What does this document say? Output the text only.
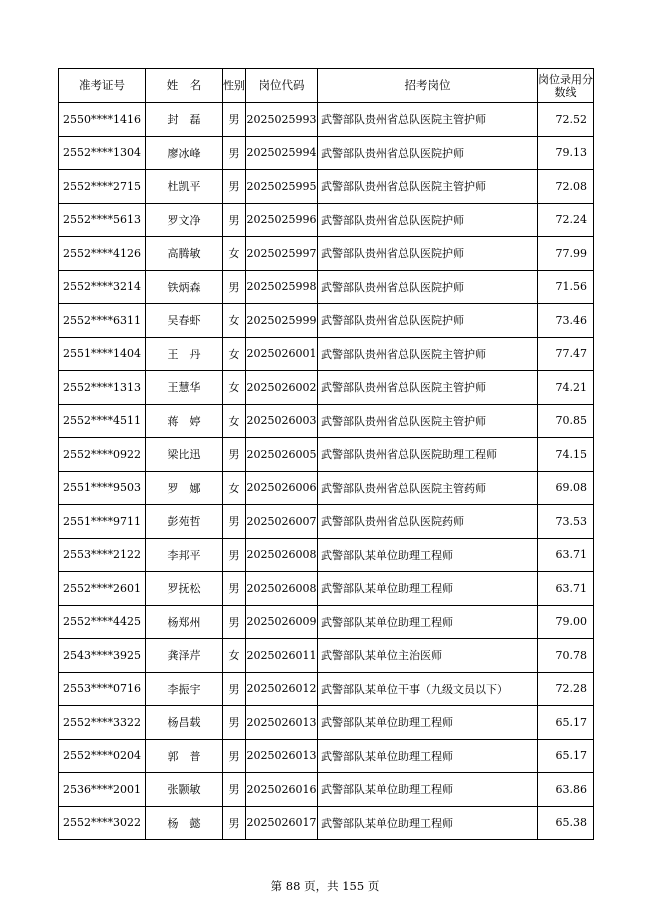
准考证号	姓　名	性别	岗位代码	招考岗位	岗位录用分数线
2550****1416	封　磊	男	2025025993	武警部队贵州省总队医院主管护师	72.52
2552****1304	廖冰峰	男	2025025994	武警部队贵州省总队医院护师	79.13
2552****2715	杜凯平	男	2025025995	武警部队贵州省总队医院主管护师	72.08
2552****5613	罗文净	男	2025025996	武警部队贵州省总队医院护师	72.24
2552****4126	高腾敏	女	2025025997	武警部队贵州省总队医院护师	77.99
2552****3214	铁炳森	男	2025025998	武警部队贵州省总队医院护师	71.56
2552****6311	吴春虾	女	2025025999	武警部队贵州省总队医院护师	73.46
2551****1404	王　丹	女	2025026001	武警部队贵州省总队医院主管护师	77.47
2552****1313	王慧华	女	2025026002	武警部队贵州省总队医院主管护师	74.21
2552****4511	蒋　婷	女	2025026003	武警部队贵州省总队医院主管护师	70.85
2552****0922	梁比迅	男	2025026005	武警部队贵州省总队医院助理工程师	74.15
2551****9503	罗　娜	女	2025026006	武警部队贵州省总队医院主管药师	69.08
2551****9711	彭苑哲	男	2025026007	武警部队贵州省总队医院药师	73.53
2553****2122	李邦平	男	2025026008	武警部队某单位助理工程师	63.71
2552****2601	罗抚松	男	2025026008	武警部队某单位助理工程师	63.71
2552****4425	杨郑州	男	2025026009	武警部队某单位助理工程师	79.00
2543****3925	龚泽芹	女	2025026011	武警部队某单位主治医师	70.78
2553****0716	李振宇	男	2025026012	武警部队某单位干事（九级文员以下）	72.28
2552****3322	杨昌载	男	2025026013	武警部队某单位助理工程师	65.17
2552****0204	郭　普	男	2025026013	武警部队某单位助理工程师	65.17
2536****2001	张颢敏	男	2025026016	武警部队某单位助理工程师	63.86
2552****3022	杨　懿	男	2025026017	武警部队某单位助理工程师	65.38
第 88 页，共 155 页
